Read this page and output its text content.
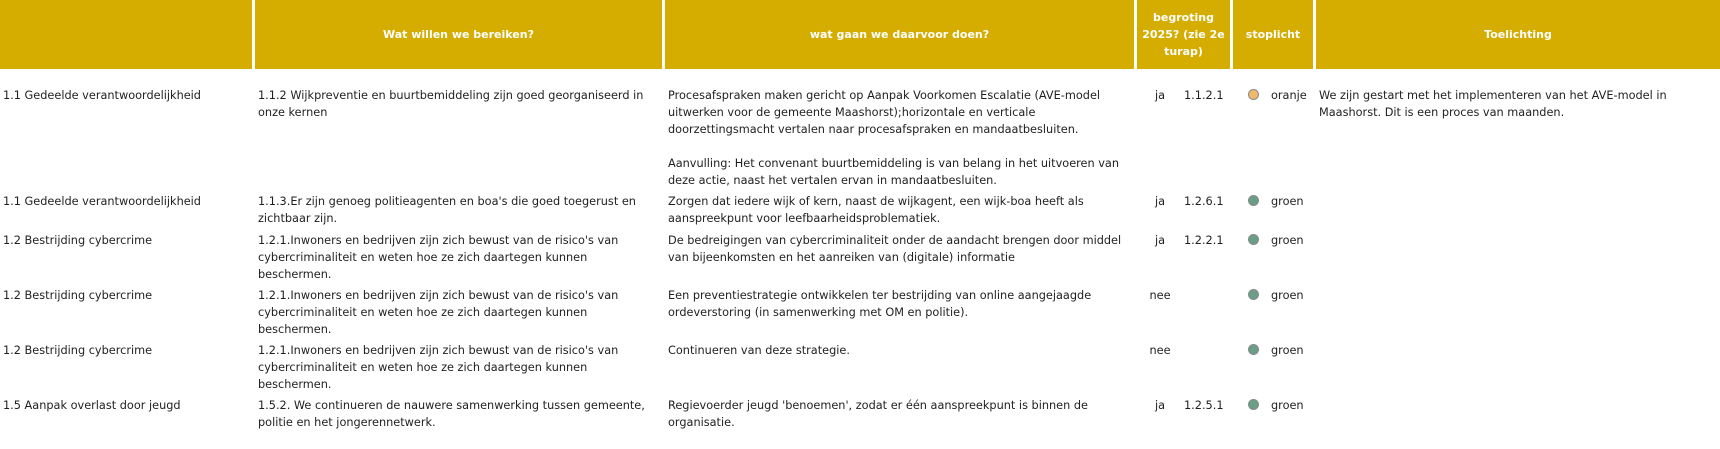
	Wat willen we bereiken?	wat gaan we daarvoor doen?	begroting 2025? (zie 2e turap)	stoplicht	Toelichting
1.1 Gedeelde verantwoordelijkheid	1.1.2 Wijkpreventie en buurtbemiddeling zijn goed georganiseerd in onze kernen	Procesafspraken maken gericht op Aanpak Voorkomen Escalatie (AVE-model uitwerken voor de gemeente Maashorst);horizontale en verticale doorzettingsmacht vertalen naar procesafspraken en mandaatbesluiten.
Aanvulling: Het convenant buurtbemiddeling is van belang in het uitvoeren van deze actie, naast het vertalen ervan in mandaatbesluiten.	ja 1.1.2.1	oranje	We zijn gestart met het implementeren van het AVE-model in Maashorst. Dit is een proces van maanden.
1.1 Gedeelde verantwoordelijkheid	1.1.3.Er zijn genoeg politieagenten en boa's die goed toegerust en zichtbaar zijn.	Zorgen dat iedere wijk of kern, naast de wijkagent, een wijk-boa heeft als aanspreekpunt voor leefbaarheidsproblematiek.	ja 1.2.6.1	groen	
1.2 Bestrijding cybercrime	1.2.1.Inwoners en bedrijven zijn zich bewust van de risico's van cybercriminaliteit en weten hoe ze zich daartegen kunnen beschermen.	De bedreigingen van cybercriminaliteit onder de aandacht brengen door middel van bijeenkomsten en het aanreiken van (digitale) informatie	ja 1.2.2.1	groen	
1.2 Bestrijding cybercrime	1.2.1.Inwoners en bedrijven zijn zich bewust van de risico's van cybercriminaliteit en weten hoe ze zich daartegen kunnen beschermen.	Een preventiestrategie ontwikkelen ter bestrijding van online aangejaagde ordeverstoring (in samenwerking met OM en politie).	nee	groen	
1.2 Bestrijding cybercrime	1.2.1.Inwoners en bedrijven zijn zich bewust van de risico's van cybercriminaliteit en weten hoe ze zich daartegen kunnen beschermen.	Continueren van deze strategie.	nee	groen	
1.5 Aanpak overlast door jeugd	1.5.2. We continueren de nauwere samenwerking tussen gemeente, politie en het jongerennetwerk.	Regievoerder jeugd 'benoemen', zodat er één aanspreekpunt is binnen de organisatie.	ja 1.2.5.1	groen	
